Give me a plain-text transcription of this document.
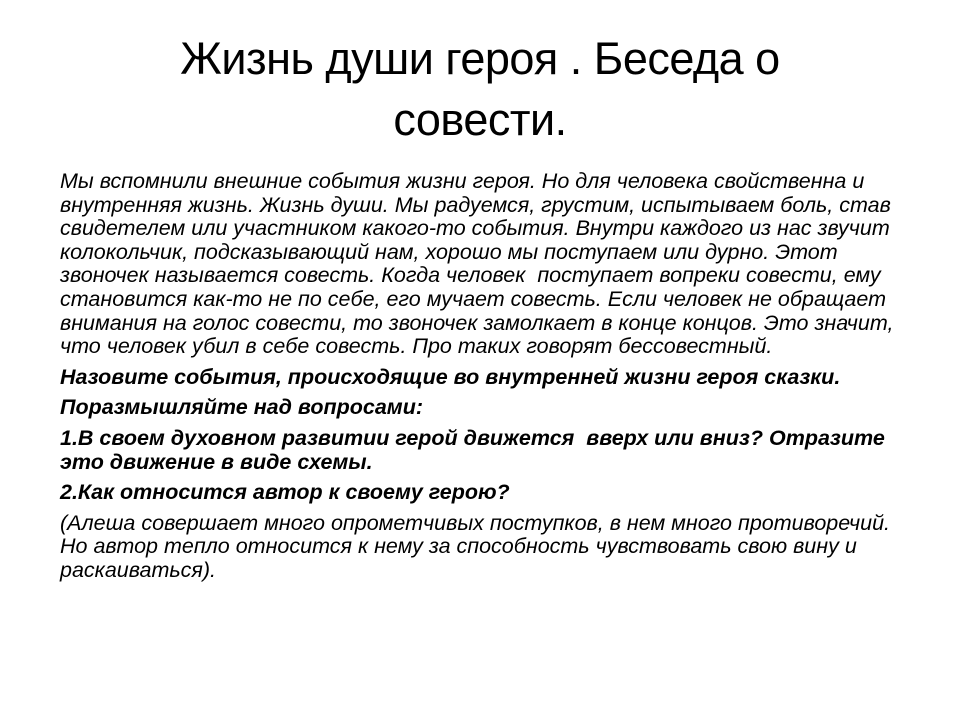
Жизнь души героя . Беседа о
совести.

Мы вспомнили внешние события жизни героя. Но для человека свойственна и внутренняя жизнь. Жизнь души. Мы радуемся, грустим, испытываем боль, став свидетелем или участником какого-то события. Внутри каждого из нас звучит колокольчик, подсказывающий нам, хорошо мы поступаем или дурно. Этот звоночек называется совесть. Когда человек  поступает вопреки совести, ему становится как-то не по себе, его мучает совесть. Если человек не обращает внимания на голос совести, то звоночек замолкает в конце концов. Это значит, что человек убил в себе совесть. Про таких говорят бессовестный.

Назовите события, происходящие во внутренней жизни героя сказки.

Поразмышляйте над вопросами:

1.В своем духовном развитии герой движется  вверх или вниз? Отразите это движение в виде схемы.

2.Как относится автор к своему герою?

(Алеша совершает много опрометчивых поступков, в нем много противоречий. Но автор тепло относится к нему за способность чувствовать свою вину и раскаиваться).
